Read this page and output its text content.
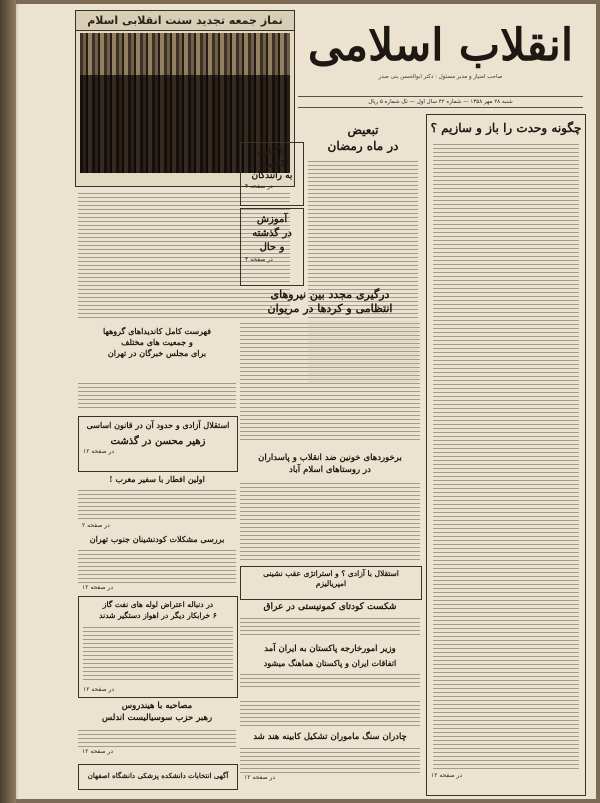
انقلاب اسلامی
صاحب امتیاز و مدیر مسئول : دکتر ابوالحسن بنی صدر
شنبه ۲۸ مهر ۱۳۵۸ — شماره ۴۲ سال اول — تک شماره ۵ ریال
نماز جمعه تجدید سنت انقلابی اسلام
چگونه وحدت را باز و سازیم ؟
در صفحه ۱۲
تبعیض
در ماه رمضان
واگذاری
کامیون
به رانندگان
در صفحه ۴
آموزش
در گذشته
و حال
در صفحه ۴
درگیری مجدد بین نیروهای
انتظامی و کردها در مریوان
فهرست کامل کاندیداهای گروهها
و جمعیت های مختلف
برای مجلس خبرگان در تهران
استقلال آزادی و حدود آن در قانون اساسی
زهیر محسن در گذشت
در صفحه ۱۲
اولین افطار با سفیر مغرب !
در صفحه ۲
بررسی مشکلات کودنشینان جنوب تهران
در صفحه ۱۲
در دنباله اعتراض لوله های نفت گاز
۶ خرابکار دیگر در اهواز دستگیر شدند
در صفحه ۱۲
مصاحبه با هیندروس
رهبر حزب سوسیالیست اندلس
در صفحه ۱۲
آگهی انتخابات دانشکده پزشکی دانشگاه اصفهان
برخوردهای خونین ضد انقلاب و پاسداران
در روستاهای اسلام آباد
استقلال با آزادی ؟ و استراتژی عقب نشینی
امپریالیزم
شکست کودتای کمونیستی در عراق
وزیر امورخارجه پاکستان به ایران آمد
اتفاقات ایران و پاکستان هماهنگ میشود
چادران سنگ ماموران تشکیل کابینه هند شد
در صفحه ۱۲
